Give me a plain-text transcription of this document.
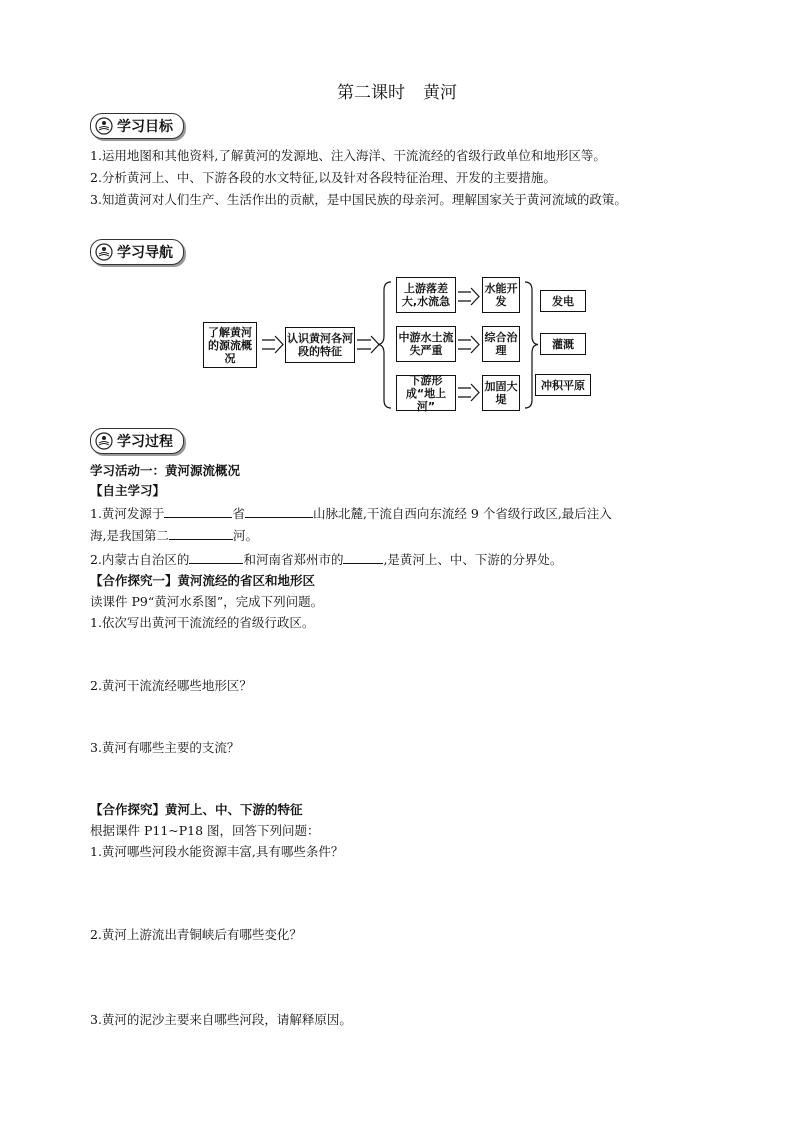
第二课时 黄河
学习目标
1.运用地图和其他资料,了解黄河的发源地、注入海洋、干流流经的省级行政单位和地形区等。
2.分析黄河上、中、下游各段的水文特征,以及针对各段特征治理、开发的主要措施。
3.知道黄河对人们生产、生活作出的贡献，是中国民族的母亲河。理解国家关于黄河流域的政策。
学习导航
了解黄河的源流概况
认识黄河各河段的特征
上游落差大,水流急
中游水土流失严重
下游形成“地上河”
水能开发
综合治理
加固大堤
发电
灌溉
冲积平原
学习过程
学习活动一：黄河源流概况
【自主学习】
1.黄河发源于	省	山脉北麓,干流自西向东流经 9 个省级行政区,最后注入
海,是我国第二	河。
2.内蒙古自治区的	和河南省郑州市的	,是黄河上、中、下游的分界处。
【合作探究一】黄河流经的省区和地形区
读课件 P9“黄河水系图”，完成下列问题。
1.依次写出黄河干流流经的省级行政区。
2.黄河干流流经哪些地形区？
3.黄河有哪些主要的支流？
【合作探究】黄河上、中、下游的特征
根据课件 P11~P18 图，回答下列问题：
1.黄河哪些河段水能资源丰富,具有哪些条件？
2.黄河上游流出青铜峡后有哪些变化？
3.黄河的泥沙主要来自哪些河段，请解释原因。
